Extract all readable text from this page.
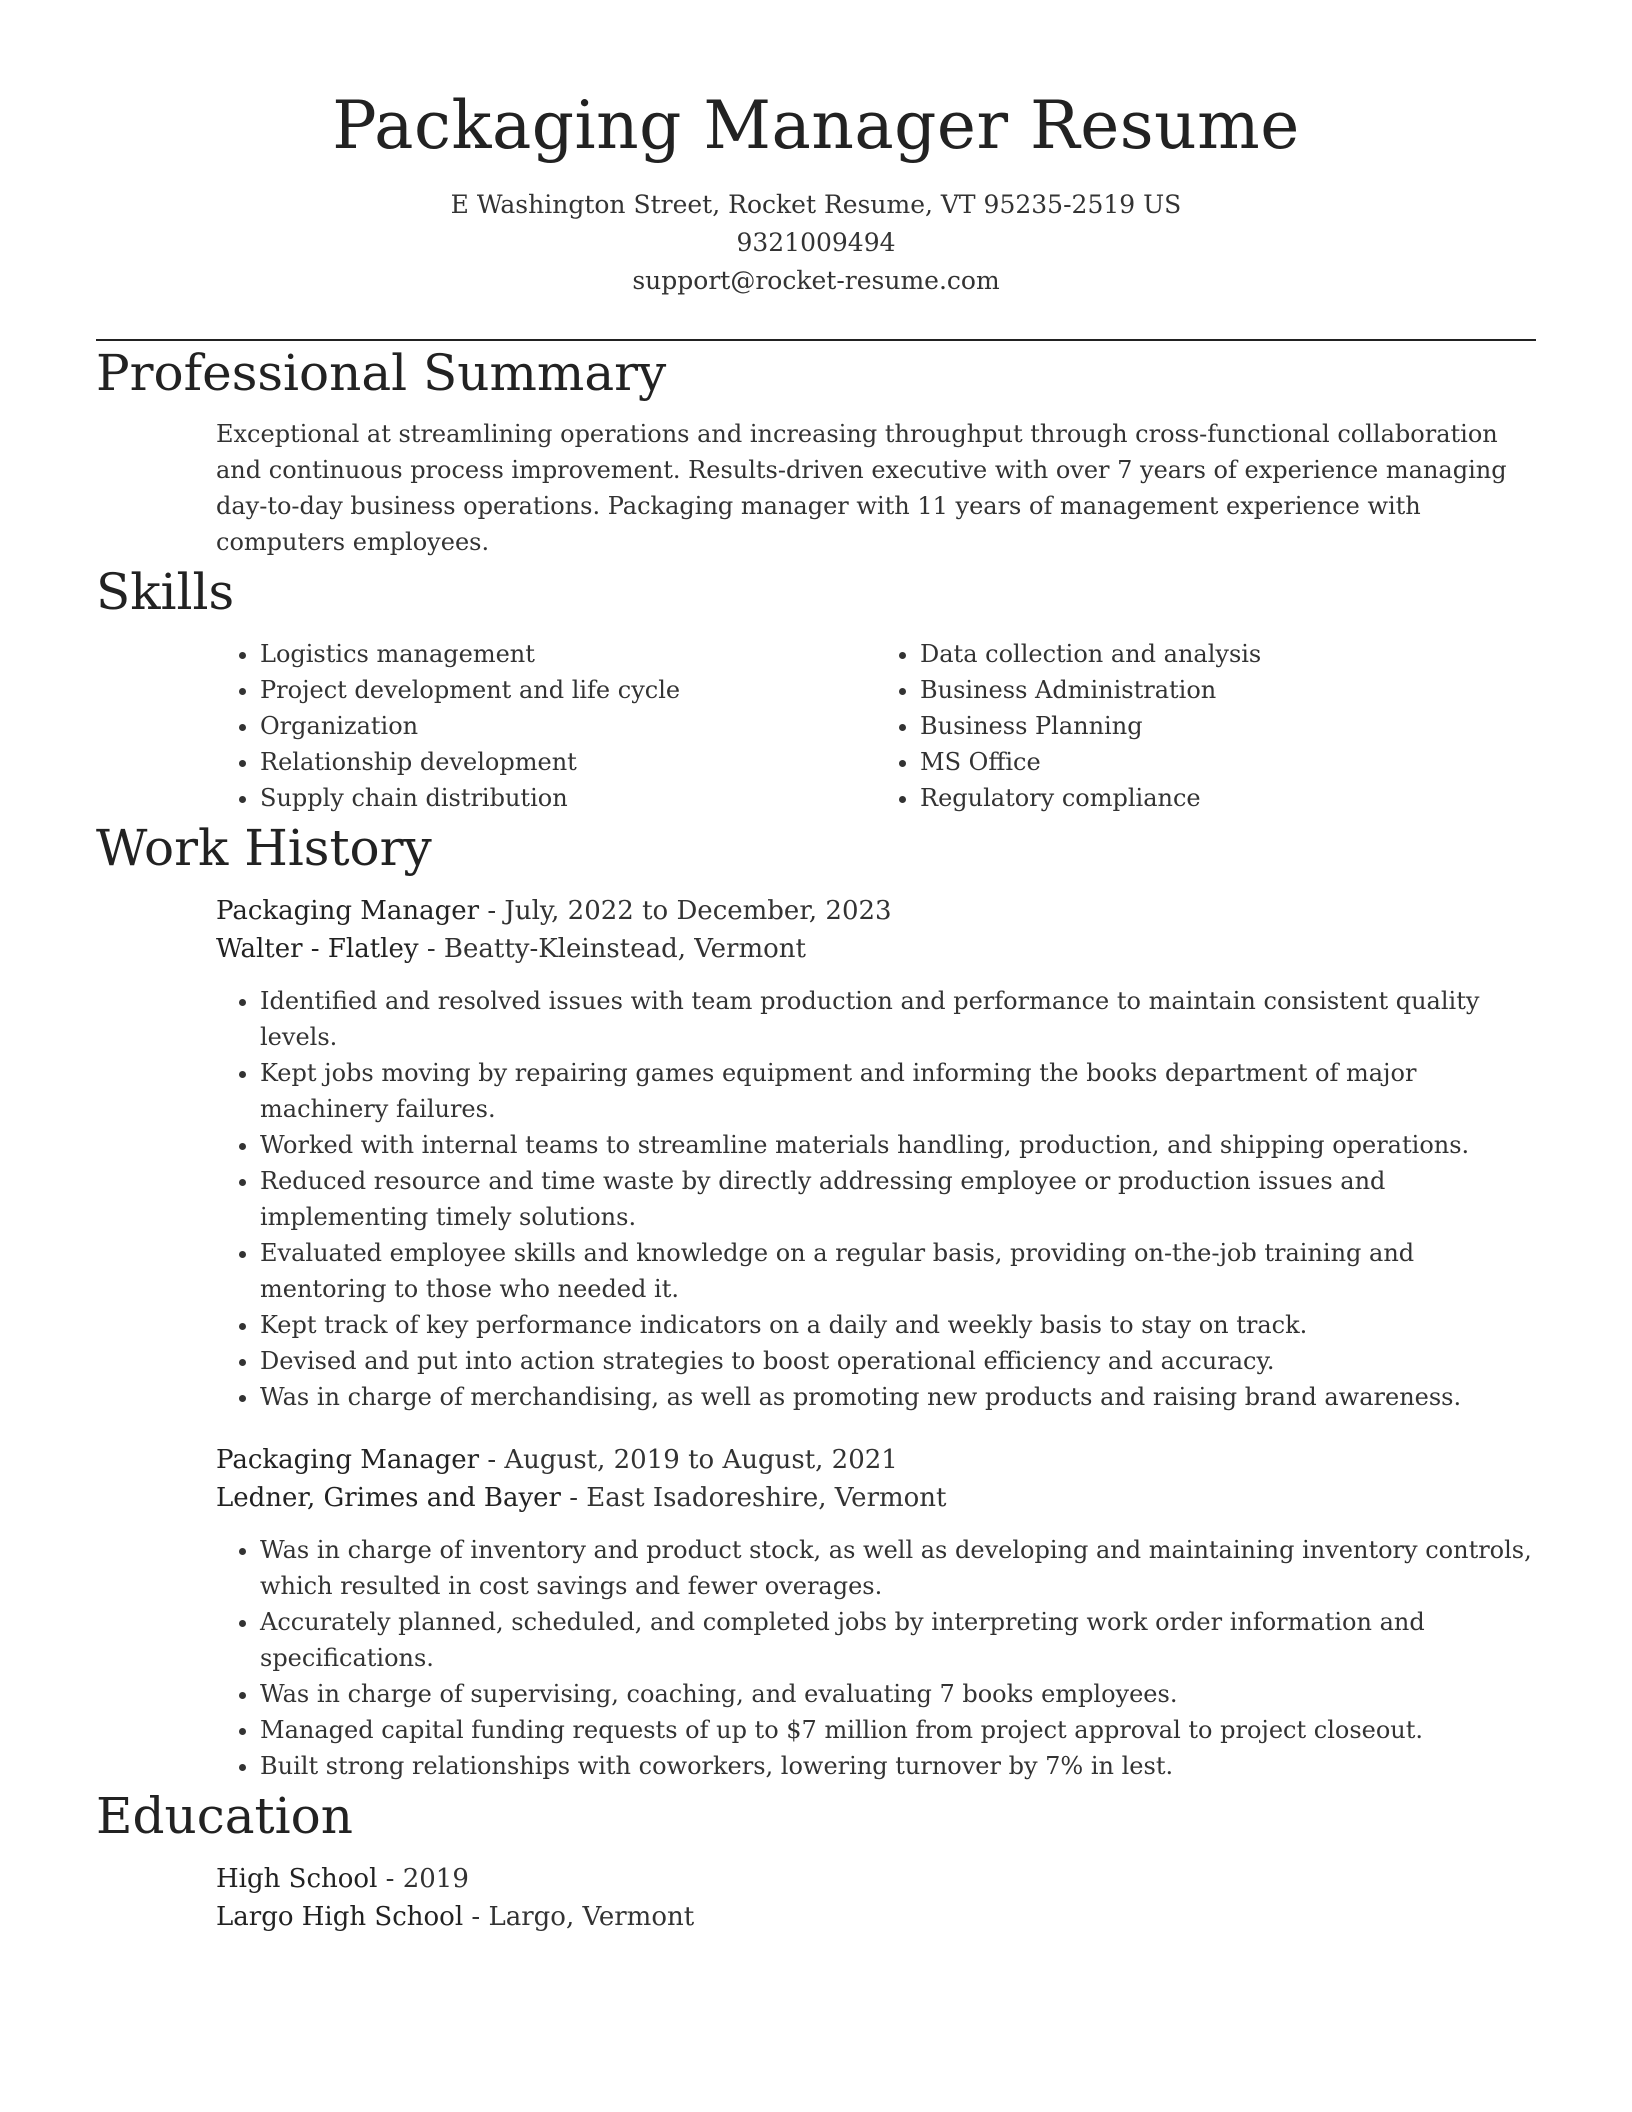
Packaging Manager Resume
E Washington Street, Rocket Resume, VT 95235-2519 US
9321009494
support@rocket-resume.com
Professional Summary

Exceptional at streamlining operations and increasing throughput through cross-functional collaboration and continuous process improvement. Results-driven executive with over 7 years of experience managing day-to-day business operations. Packaging manager with 11 years of management experience with computers employees.

Skills
• Logistics management
• Project development and life cycle
• Organization
• Relationship development
• Supply chain distribution
• Data collection and analysis
• Business Administration
• Business Planning
• MS Office
• Regulatory compliance
Work History
Packaging Manager - July, 2022 to December, 2023
Walter - Flatley - Beatty-Kleinstead, Vermont
• Identified and resolved issues with team production and performance to maintain consistent quality levels.
• Kept jobs moving by repairing games equipment and informing the books department of major machinery failures.
• Worked with internal teams to streamline materials handling, production, and shipping operations.
• Reduced resource and time waste by directly addressing employee or production issues and implementing timely solutions.
• Evaluated employee skills and knowledge on a regular basis, providing on-the-job training and mentoring to those who needed it.
• Kept track of key performance indicators on a daily and weekly basis to stay on track.
• Devised and put into action strategies to boost operational efficiency and accuracy.
• Was in charge of merchandising, as well as promoting new products and raising brand awareness.
Packaging Manager - August, 2019 to August, 2021
Ledner, Grimes and Bayer - East Isadoreshire, Vermont
• Was in charge of inventory and product stock, as well as developing and maintaining inventory controls, which resulted in cost savings and fewer overages.
• Accurately planned, scheduled, and completed jobs by interpreting work order information and specifications.
• Was in charge of supervising, coaching, and evaluating 7 books employees.
• Managed capital funding requests of up to $7 million from project approval to project closeout.
• Built strong relationships with coworkers, lowering turnover by 7% in lest.
Education
High School - 2019
Largo High School - Largo, Vermont
